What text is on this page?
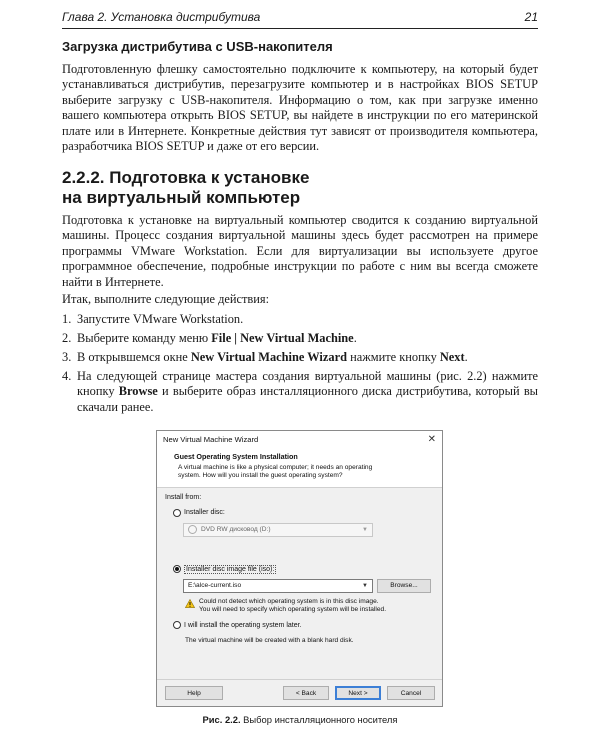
Глава 2. Установка дистрибутива	21
Загрузка дистрибутива с USB-накопителя

Подготовленную флешку самостоятельно подключите к компьютеру, на который будет устанавливаться дистрибутив, перезагрузите компьютер и в настройках BIOS SETUP выберите загрузку с USB-накопителя. Информацию о том, как при загрузке именно вашего компьютера открыть BIOS SETUP, вы найдете в инструкции по его материнской плате или в Интернете. Конкретные действия тут зависят от производителя компьютера, разработчика BIOS SETUP и даже от его версии.

2.2.2. Подготовка к установке
на виртуальный компьютер

Подготовка к установке на виртуальный компьютер сводится к созданию виртуальной машины. Процесс создания виртуальной машины здесь будет рассмотрен на примере программы VMware Workstation. Если для виртуализации вы используете другое программное обеспечение, подробные инструкции по работе с ним вы всегда сможете найти в Интернете.

Итак, выполните следующие действия:

1. Запустите VMware Workstation.
2. Выберите команду меню File | New Virtual Machine.
3. В открывшемся окне New Virtual Machine Wizard нажмите кнопку Next.
4. На следующей странице мастера создания виртуальной машины (рис. 2.2) нажмите кнопку Browse и выберите образ инсталляционного диска дистрибутива, который вы скачали ранее.
New Virtual Machine Wizard	✕
Guest Operating System Installation
A virtual machine is like a physical computer; it needs an operating
system. How will you install the guest operating system?
Install from:
Installer disc:
DVD RW дисковод (D:)	▼
Installer disc image file (iso):
E:\alce-current.iso	▼	Browse...
Could not detect which operating system is in this disc image.
You will need to specify which operating system will be installed.
I will install the operating system later.
The virtual machine will be created with a blank hard disk.
Help	< Back	Next >	Cancel
Рис. 2.2. Выбор инсталляционного носителя
